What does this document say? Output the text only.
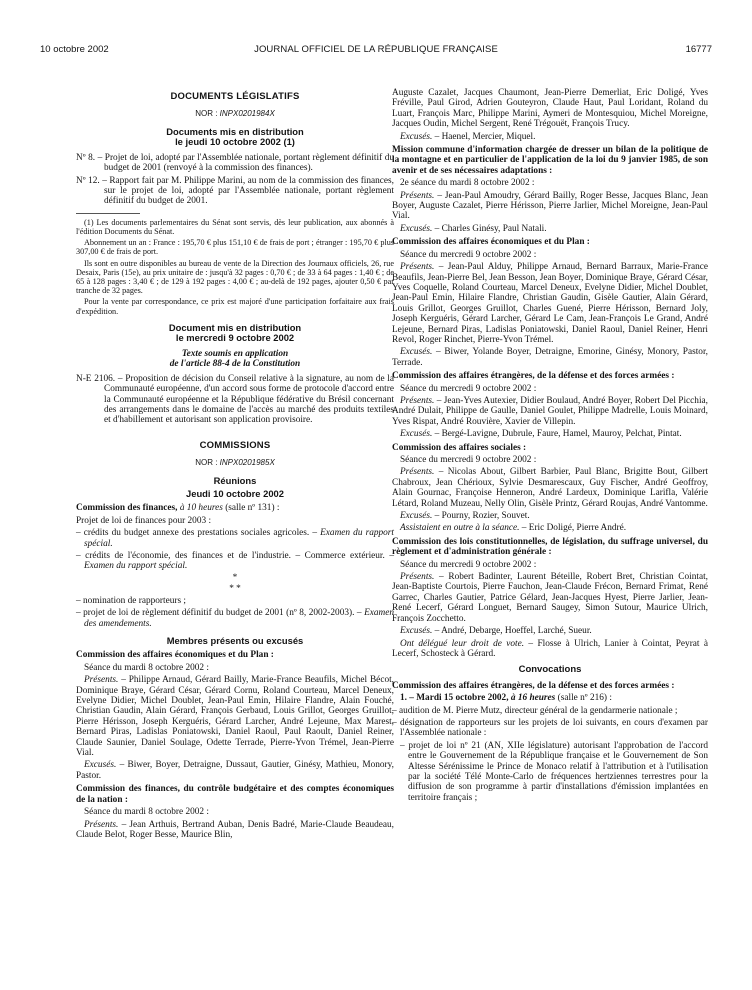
10 octobre 2002	JOURNAL OFFICIEL DE LA RÉPUBLIQUE FRANÇAISE	16777
DOCUMENTS LÉGISLATIFS
NOR : INPX0201984X
Documents mis en distribution
le jeudi 10 octobre 2002 (1)

Nº 8. – Projet de loi, adopté par l'Assemblée nationale, portant règlement définitif du budget de 2001 (renvoyé à la commission des finances).

Nº 12. – Rapport fait par M. Philippe Marini, au nom de la commission des finances, sur le projet de loi, adopté par l'Assemblée nationale, portant règlement définitif du budget de 2001.

(1) Les documents parlementaires du Sénat sont servis, dès leur publication, aux abonnés à l'édition Documents du Sénat.

Abonnement un an : France : 195,70 € plus 151,10 € de frais de port ; étranger : 195,70 € plus 307,00 € de frais de port.

Ils sont en outre disponibles au bureau de vente de la Direction des Journaux officiels, 26, rue Desaix, Paris (15e), au prix unitaire de : jusqu'à 32 pages : 0,70 € ; de 33 à 64 pages : 1,40 € ; de 65 à 128 pages : 3,40 € ; de 129 à 192 pages : 4,00 € ; au-delà de 192 pages, ajouter 0,50 € par tranche de 32 pages.

Pour la vente par correspondance, ce prix est majoré d'une participation forfaitaire aux frais d'expédition.

Document mis en distribution
le mercredi 9 octobre 2002
Texte soumis en application
de l'article 88-4 de la Constitution

N-E 2106. – Proposition de décision du Conseil relative à la signature, au nom de la Communauté européenne, d'un accord sous forme de protocole d'accord entre la Communauté européenne et la République fédérative du Brésil concernant des arrangements dans le domaine de l'accès au marché des produits textiles et d'habillement et autorisant son application provisoire.

COMMISSIONS
NOR : INPX0201985X
Réunions
Jeudi 10 octobre 2002

Commission des finances, à 10 heures (salle nº 131) :

Projet de loi de finances pour 2003 :

– crédits du budget annexe des prestations sociales agricoles. – Examen du rapport spécial.

– crédits de l'économie, des finances et de l'industrie. – Commerce extérieur. – Examen du rapport spécial.

*
* *

– nomination de rapporteurs ;

– projet de loi de règlement définitif du budget de 2001 (nº 8, 2002-2003). – Examen des amendements.

Membres présents ou excusés

Commission des affaires économiques et du Plan :

Séance du mardi 8 octobre 2002 :

Présents. – Philippe Arnaud, Gérard Bailly, Marie-France Beaufils, Michel Bécot, Dominique Braye, Gérard César, Gérard Cornu, Roland Courteau, Marcel Deneux, Evelyne Didier, Michel Doublet, Jean-Paul Emin, Hilaire Flandre, Alain Fouché, Christian Gaudin, Alain Gérard, François Gerbaud, Louis Grillot, Georges Gruillot, Pierre Hérisson, Joseph Kerguéris, Gérard Larcher, André Lejeune, Max Marest, Bernard Piras, Ladislas Poniatowski, Daniel Raoul, Paul Raoult, Daniel Reiner, Claude Saunier, Daniel Soulage, Odette Terrade, Pierre-Yvon Trémel, Jean-Pierre Vial.

Excusés. – Biwer, Boyer, Detraigne, Dussaut, Gautier, Ginésy, Mathieu, Monory, Pastor.

Commission des finances, du contrôle budgétaire et des comptes économiques de la nation :

Séance du mardi 8 octobre 2002 :

Présents. – Jean Arthuis, Bertrand Auban, Denis Badré, Marie-Claude Beaudeau, Claude Belot, Roger Besse, Maurice Blin,

Auguste Cazalet, Jacques Chaumont, Jean-Pierre Demerliat, Eric Doligé, Yves Fréville, Paul Girod, Adrien Gouteyron, Claude Haut, Paul Loridant, Roland du Luart, François Marc, Philippe Marini, Aymeri de Montesquiou, Michel Moreigne, Jacques Oudin, Michel Sergent, René Trégouët, François Trucy.

Excusés. – Haenel, Mercier, Miquel.

Mission commune d'information chargée de dresser un bilan de la politique de la montagne et en particulier de l'application de la loi du 9 janvier 1985, de son avenir et de ses nécessaires adaptations :

2e séance du mardi 8 octobre 2002 :

Présents. – Jean-Paul Amoudry, Gérard Bailly, Roger Besse, Jacques Blanc, Jean Boyer, Auguste Cazalet, Pierre Hérisson, Pierre Jarlier, Michel Moreigne, Jean-Paul Vial.

Excusés. – Charles Ginésy, Paul Natali.

Commission des affaires économiques et du Plan :

Séance du mercredi 9 octobre 2002 :

Présents. – Jean-Paul Alduy, Philippe Arnaud, Bernard Barraux, Marie-France Beaufils, Jean-Pierre Bel, Jean Besson, Jean Boyer, Dominique Braye, Gérard César, Yves Coquelle, Roland Courteau, Marcel Deneux, Evelyne Didier, Michel Doublet, Jean-Paul Emin, Hilaire Flandre, Christian Gaudin, Gisèle Gautier, Alain Gérard, Louis Grillot, Georges Gruillot, Charles Guené, Pierre Hérisson, Bernard Joly, Joseph Kerguéris, Gérard Larcher, Gérard Le Cam, Jean-François Le Grand, André Lejeune, Bernard Piras, Ladislas Poniatowski, Daniel Raoul, Daniel Reiner, Henri Revol, Roger Rinchet, Pierre-Yvon Trémel.

Excusés. – Biwer, Yolande Boyer, Detraigne, Emorine, Ginésy, Monory, Pastor, Terrade.

Commission des affaires étrangères, de la défense et des forces armées :

Séance du mercredi 9 octobre 2002 :

Présents. – Jean-Yves Autexier, Didier Boulaud, André Boyer, Robert Del Picchia, André Dulait, Philippe de Gaulle, Daniel Goulet, Philippe Madrelle, Louis Moinard, Yves Rispat, André Rouvière, Xavier de Villepin.

Excusés. – Bergé-Lavigne, Dubrule, Faure, Hamel, Mauroy, Pelchat, Pintat.

Commission des affaires sociales :

Séance du mercredi 9 octobre 2002 :

Présents. – Nicolas About, Gilbert Barbier, Paul Blanc, Brigitte Bout, Gilbert Chabroux, Jean Chérioux, Sylvie Desmarescaux, Guy Fischer, André Geoffroy, Alain Gournac, Françoise Henneron, André Lardeux, Dominique Larifla, Valérie Létard, Roland Muzeau, Nelly Olin, Gisèle Printz, Gérard Roujas, André Vantomme.

Excusés. – Pourny, Rozier, Souvet.

Assistaient en outre à la séance. – Eric Doligé, Pierre André.

Commission des lois constitutionnelles, de législation, du suffrage universel, du règlement et d'administration générale :

Séance du mercredi 9 octobre 2002 :

Présents. – Robert Badinter, Laurent Béteille, Robert Bret, Christian Cointat, Jean-Baptiste Courtois, Pierre Fauchon, Jean-Claude Frécon, Bernard Frimat, René Garrec, Charles Gautier, Patrice Gélard, Jean-Jacques Hyest, Pierre Jarlier, Jean-René Lecerf, Gérard Longuet, Bernard Saugey, Simon Sutour, Maurice Ulrich, François Zocchetto.

Excusés. – André, Debarge, Hoeffel, Larché, Sueur.

Ont délégué leur droit de vote. – Flosse à Ulrich, Lanier à Cointat, Peyrat à Lecerf, Schosteck à Gérard.

Convocations

Commission des affaires étrangères, de la défense et des forces armées :

1. – Mardi 15 octobre 2002, à 16 heures (salle nº 216) :

– audition de M. Pierre Mutz, directeur général de la gendarmerie nationale ;

– désignation de rapporteurs sur les projets de loi suivants, en cours d'examen par l'Assemblée nationale :

– projet de loi nº 21 (AN, XIIe législature) autorisant l'approbation de l'accord entre le Gouvernement de la République française et le Gouvernement de Son Altesse Sérénissime le Prince de Monaco relatif à l'attribution et à l'utilisation par la société Télé Monte-Carlo de fréquences hertziennes terrestres pour la diffusion de son programme à partir d'installations d'émission implantées en territoire français ;
